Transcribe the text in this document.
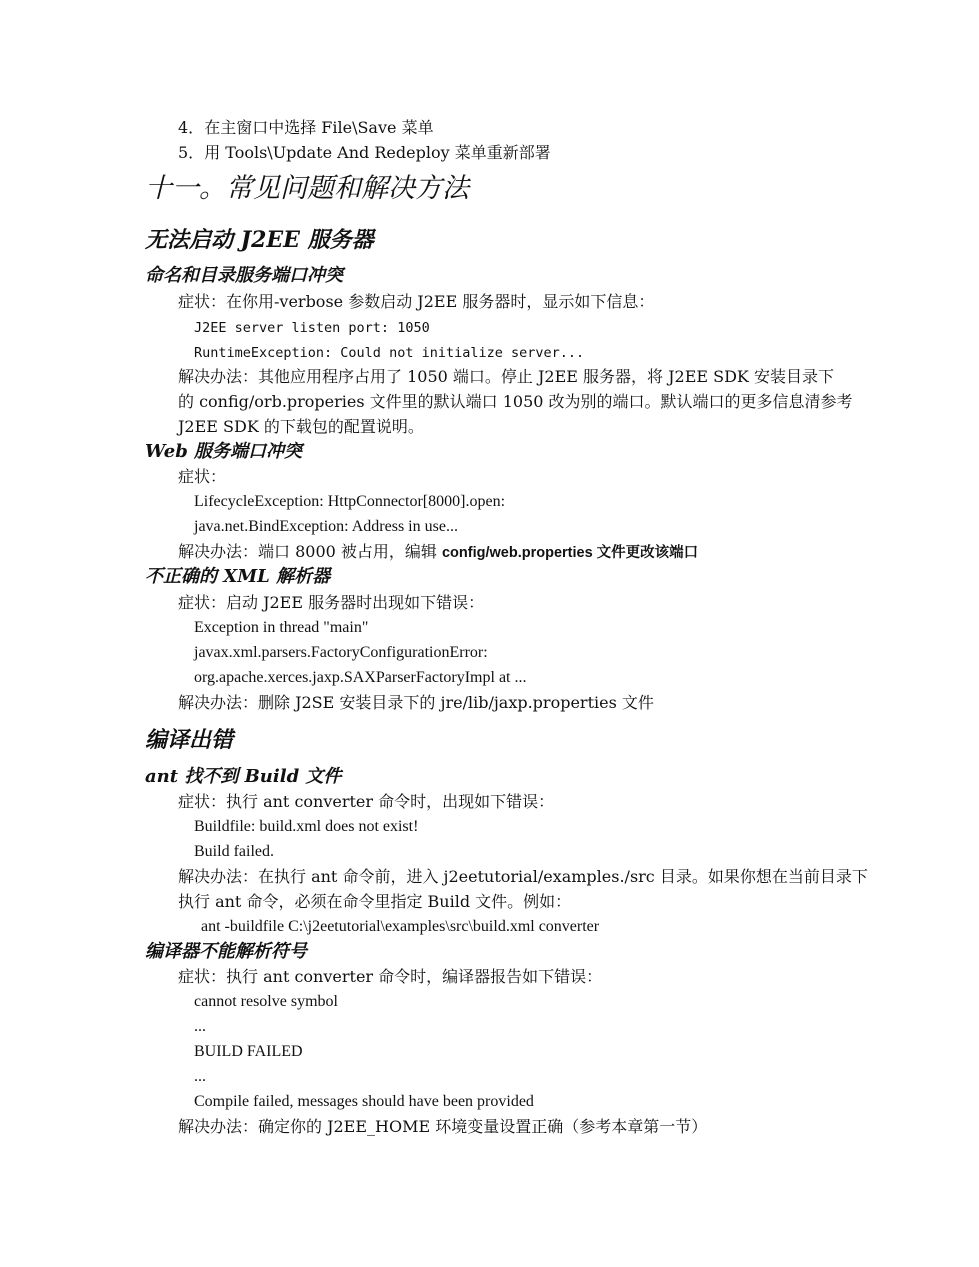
4．在主窗口中选择 File\Save 菜单
5．用 Tools\Update And Redeploy 菜单重新部署
十一。常见问题和解决方法
无法启动 J2EE 服务器
命名和目录服务端口冲突
症状：在你用-verbose 参数启动 J2EE 服务器时，显示如下信息：
J2EE server listen port: 1050
RuntimeException: Could not initialize server...
解决办法：其他应用程序占用了 1050 端口。停止 J2EE 服务器，将 J2EE SDK 安装目录下
的 config/orb.properies 文件里的默认端口 1050 改为别的端口。默认端口的更多信息清参考
J2EE SDK 的下载包的配置说明。
Web 服务端口冲突
症状：
LifecycleException: HttpConnector[8000].open:
java.net.BindException: Address in use...
解决办法：端口 8000 被占用，编辑 config/web.properties 文件更改该端口
不正确的 XML 解析器
症状：启动 J2EE 服务器时出现如下错误：
Exception in thread "main"
javax.xml.parsers.FactoryConfigurationError:
org.apache.xerces.jaxp.SAXParserFactoryImpl at ...
解决办法：删除 J2SE 安装目录下的 jre/lib/jaxp.properties 文件
编译出错
ant 找不到 Build 文件
症状：执行 ant converter 命令时，出现如下错误：
Buildfile: build.xml does not exist!
Build failed.
解决办法：在执行 ant 命令前，进入 j2eetutorial/examples./src 目录。如果你想在当前目录下
执行 ant 命令，必须在命令里指定 Build 文件。例如：
ant -buildfile C:\j2eetutorial\examples\src\build.xml converter
编译器不能解析符号
症状：执行 ant converter 命令时，编译器报告如下错误：
cannot resolve symbol
...
BUILD FAILED
...
Compile failed, messages should have been provided
解决办法：确定你的 J2EE_HOME 环境变量设置正确（参考本章第一节）
